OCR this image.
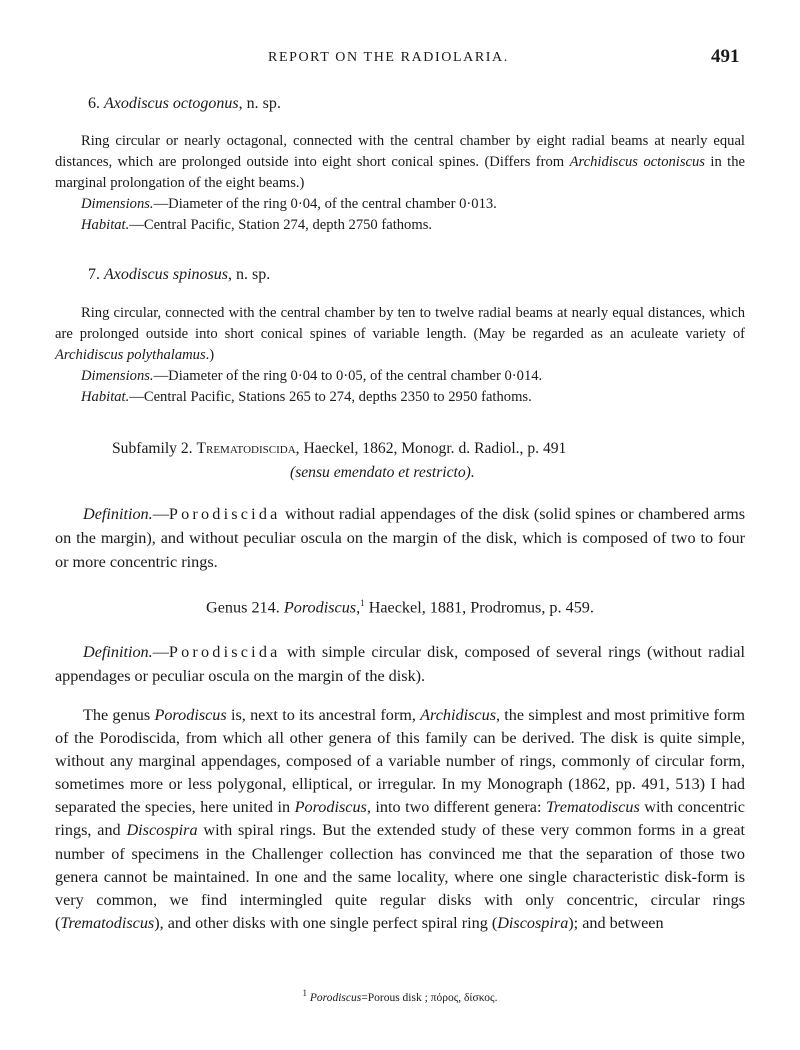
REPORT ON THE RADIOLARIA.	491

6. Axodiscus octogonus, n. sp.

Ring circular or nearly octagonal, connected with the central chamber by eight radial beams at nearly equal distances, which are prolonged outside into eight short conical spines. (Differs from Archidiscus octoniscus in the marginal prolongation of the eight beams.)

Dimensions.—Diameter of the ring 0·04, of the central chamber 0·013.

Habitat.—Central Pacific, Station 274, depth 2750 fathoms.

7. Axodiscus spinosus, n. sp.

Ring circular, connected with the central chamber by ten to twelve radial beams at nearly equal distances, which are prolonged outside into short conical spines of variable length. (May be regarded as an aculeate variety of Archidiscus polythalamus.)

Dimensions.—Diameter of the ring 0·04 to 0·05, of the central chamber 0·014.

Habitat.—Central Pacific, Stations 265 to 274, depths 2350 to 2950 fathoms.

Subfamily 2. Trematodiscida, Haeckel, 1862, Monogr. d. Radiol., p. 491

(sensu emendato et restricto).

Definition.—Porodiscida without radial appendages of the disk (solid spines or chambered arms on the margin), and without peculiar oscula on the margin of the disk, which is composed of two to four or more concentric rings.

Genus 214. Porodiscus,$^1$ Haeckel, 1881, Prodromus, p. 459.

Definition.—Porodiscida with simple circular disk, composed of several rings (without radial appendages or peculiar oscula on the margin of the disk).

The genus Porodiscus is, next to its ancestral form, Archidiscus, the simplest and most primitive form of the Porodiscida, from which all other genera of this family can be derived. The disk is quite simple, without any marginal appendages, composed of a variable number of rings, commonly of circular form, sometimes more or less polygonal, elliptical, or irregular. In my Monograph (1862, pp. 491, 513) I had separated the species, here united in Porodiscus, into two different genera: Trematodiscus with concentric rings, and Discospira with spiral rings. But the extended study of these very common forms in a great number of specimens in the Challenger collection has convinced me that the separation of those two genera cannot be maintained. In one and the same locality, where one single characteristic disk-form is very common, we find intermingled quite regular disks with only concentric, circular rings (Trematodiscus), and other disks with one single perfect spiral ring (Discospira); and between

$^1$ Porodiscus=Porous disk ; πόρος, δίσκος.
